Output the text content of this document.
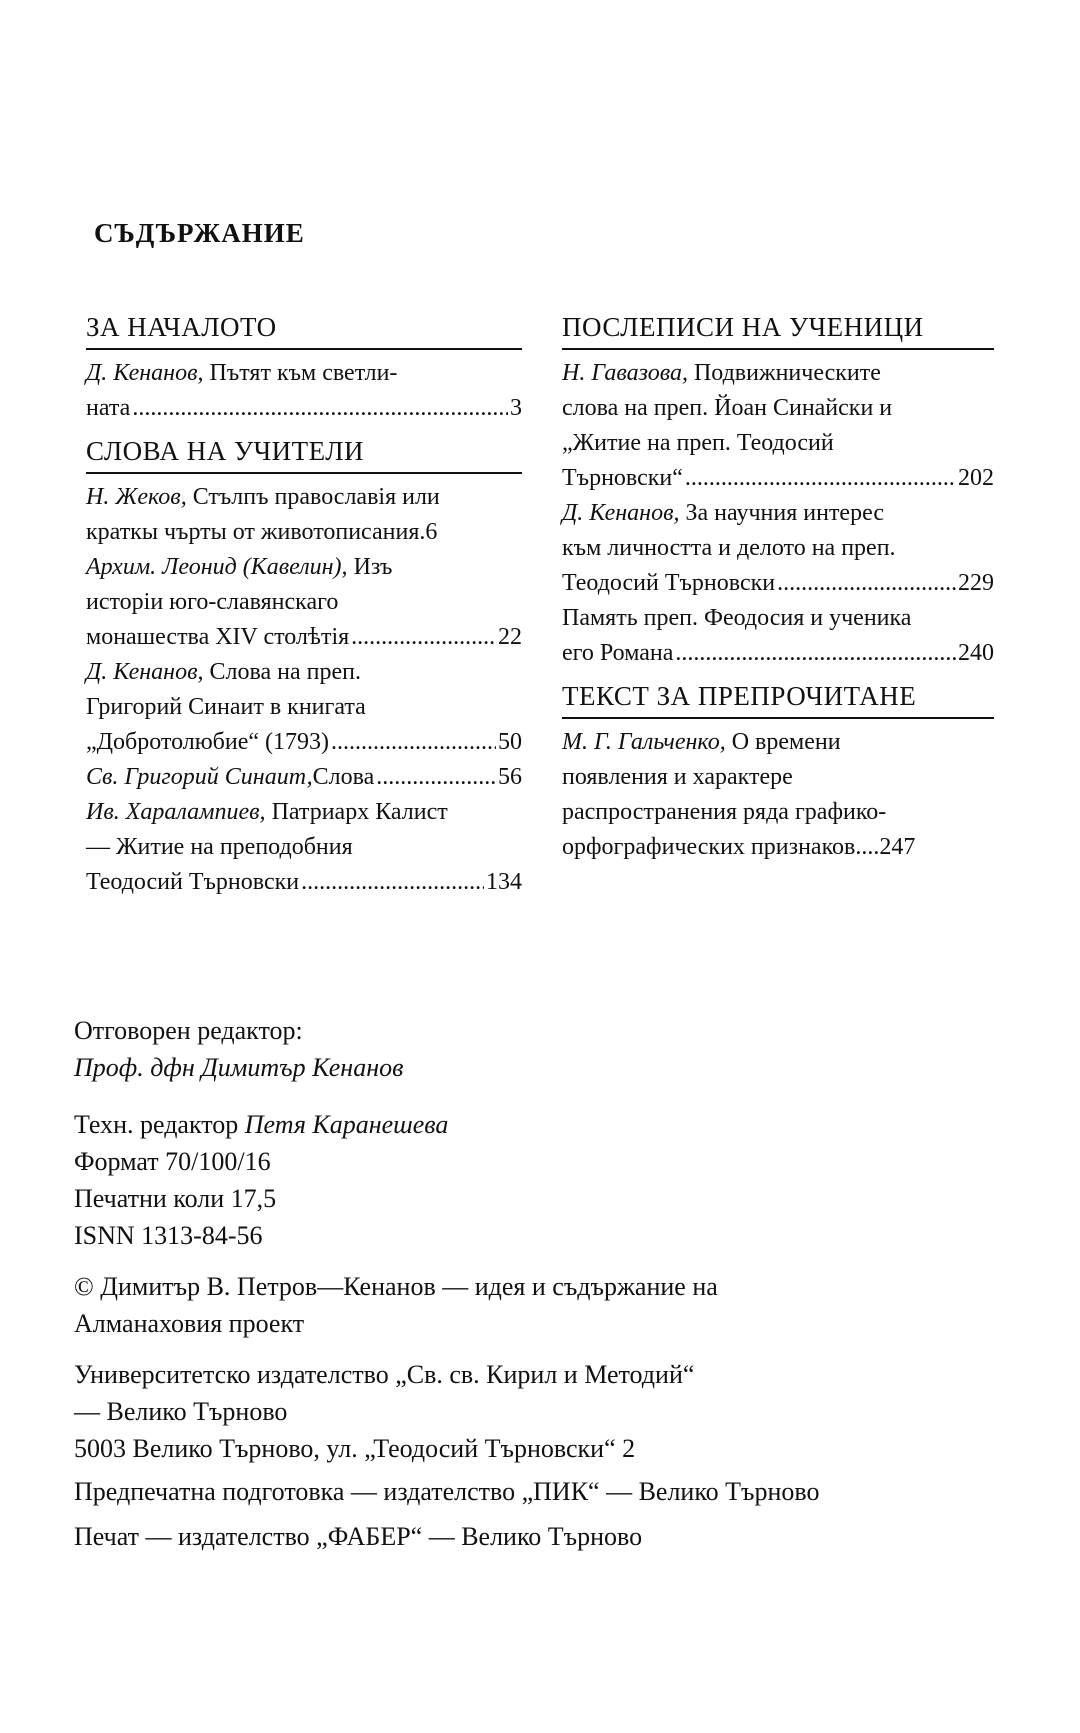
СЪДЪРЖАНИЕ
ЗА НАЧАЛОТО
Д. Кенанов, Пътят към светли-
ната .....	3
СЛОВА НА УЧИТЕЛИ
Н. Жеков, Стълпъ православія или
краткы чърты от животописания . 6
Архим. Леонид (Кавелин), Изъ
исторіи юго-славянскаго
монашества XIV столѣтія .....	22
Д. Кенанов, Слова на преп.
Григорий Синаит в книгата
„Добротолюбие“ (1793) .....	50
Св. Григорий Синаит, Слова .....	56
Ив. Харалампиев, Патриарх Калист
— Житие на преподобния
Теодосий Търновски .....	134
ПОСЛЕПИСИ НА УЧЕНИЦИ
Н. Гавазова, Подвижническите
слова на преп. Йоан Синайски и
„Житие на преп. Теодосий
Търновски“ .....	202
Д. Кенанов, За научния интерес
към личността и делото на преп.
Теодосий Търновски .....	229
Память преп. Феодосия и ученика
его Романа .....	240
ТЕКСТ ЗА ПРЕПРОЧИТАНЕ
М. Г. Гальченко, О времени
появления и характере
распространения ряда графико-
орфографических признаков .... 247
Отговорен редактор:
Проф. дфн Димитър Кенанов
Техн. редактор Петя Каранешева
Формат 70/100/16
Печатни коли 17,5
ISNN 1313-84-56
© Димитър В. Петров—Кенанов — идея и съдържание на
Алманаховия проект
Университетско издателство „Св. св. Кирил и Методий“
— Велико Търново
5003 Велико Търново, ул. „Теодосий Търновски“ 2
Предпечатна подготовка — издателство „ПИК“ — Велико Търново
Печат — издателство „ФАБЕР“ — Велико Търново
